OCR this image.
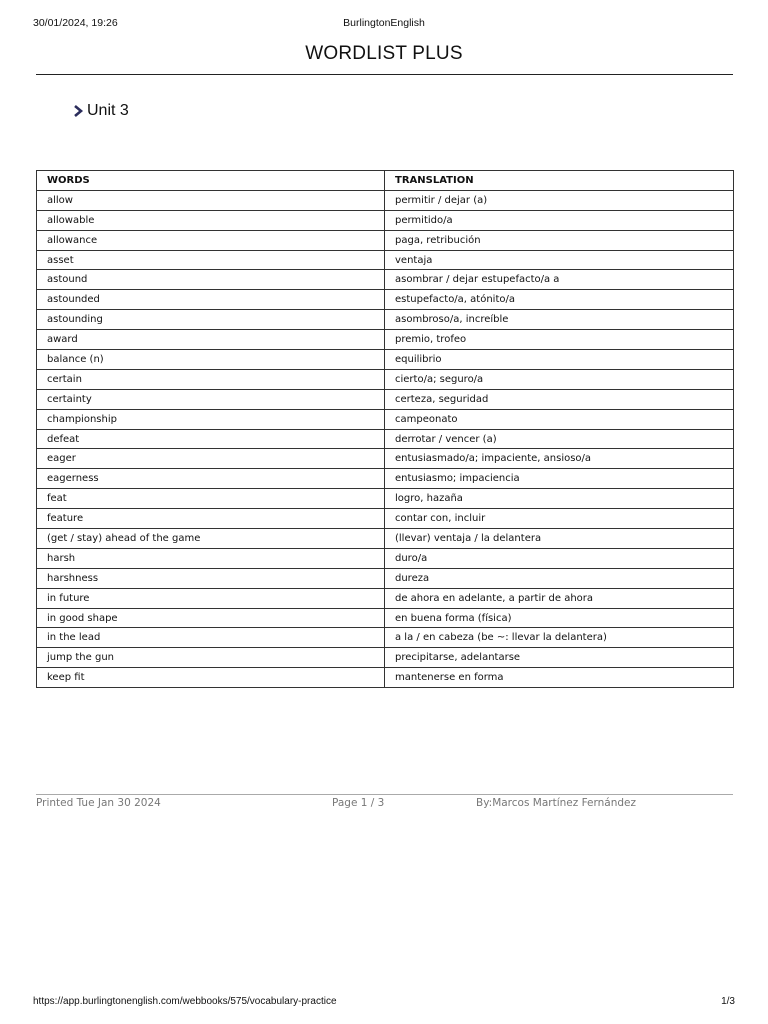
30/01/2024, 19:26	BurlingtonEnglish
WORDLIST PLUS
Unit 3
WORDS	TRANSLATION
allow	permitir / dejar (a)
allowable	permitido/a
allowance	paga, retribución
asset	ventaja
astound	asombrar / dejar estupefacto/a a
astounded	estupefacto/a, atónito/a
astounding	asombroso/a, increíble
award	premio, trofeo
balance (n)	equilibrio
certain	cierto/a; seguro/a
certainty	certeza, seguridad
championship	campeonato
defeat	derrotar / vencer (a)
eager	entusiasmado/a; impaciente, ansioso/a
eagerness	entusiasmo; impaciencia
feat	logro, hazaña
feature	contar con, incluir
(get / stay) ahead of the game	(llevar) ventaja / la delantera
harsh	duro/a
harshness	dureza
in future	de ahora en adelante, a partir de ahora
in good shape	en buena forma (física)
in the lead	a la / en cabeza (be ~: llevar la delantera)
jump the gun	precipitarse, adelantarse
keep fit	mantenerse en forma
Printed Tue Jan 30 2024	Page 1 / 3	By:Marcos Martínez Fernández
https://app.burlingtonenglish.com/webbooks/575/vocabulary-practice	1/3
